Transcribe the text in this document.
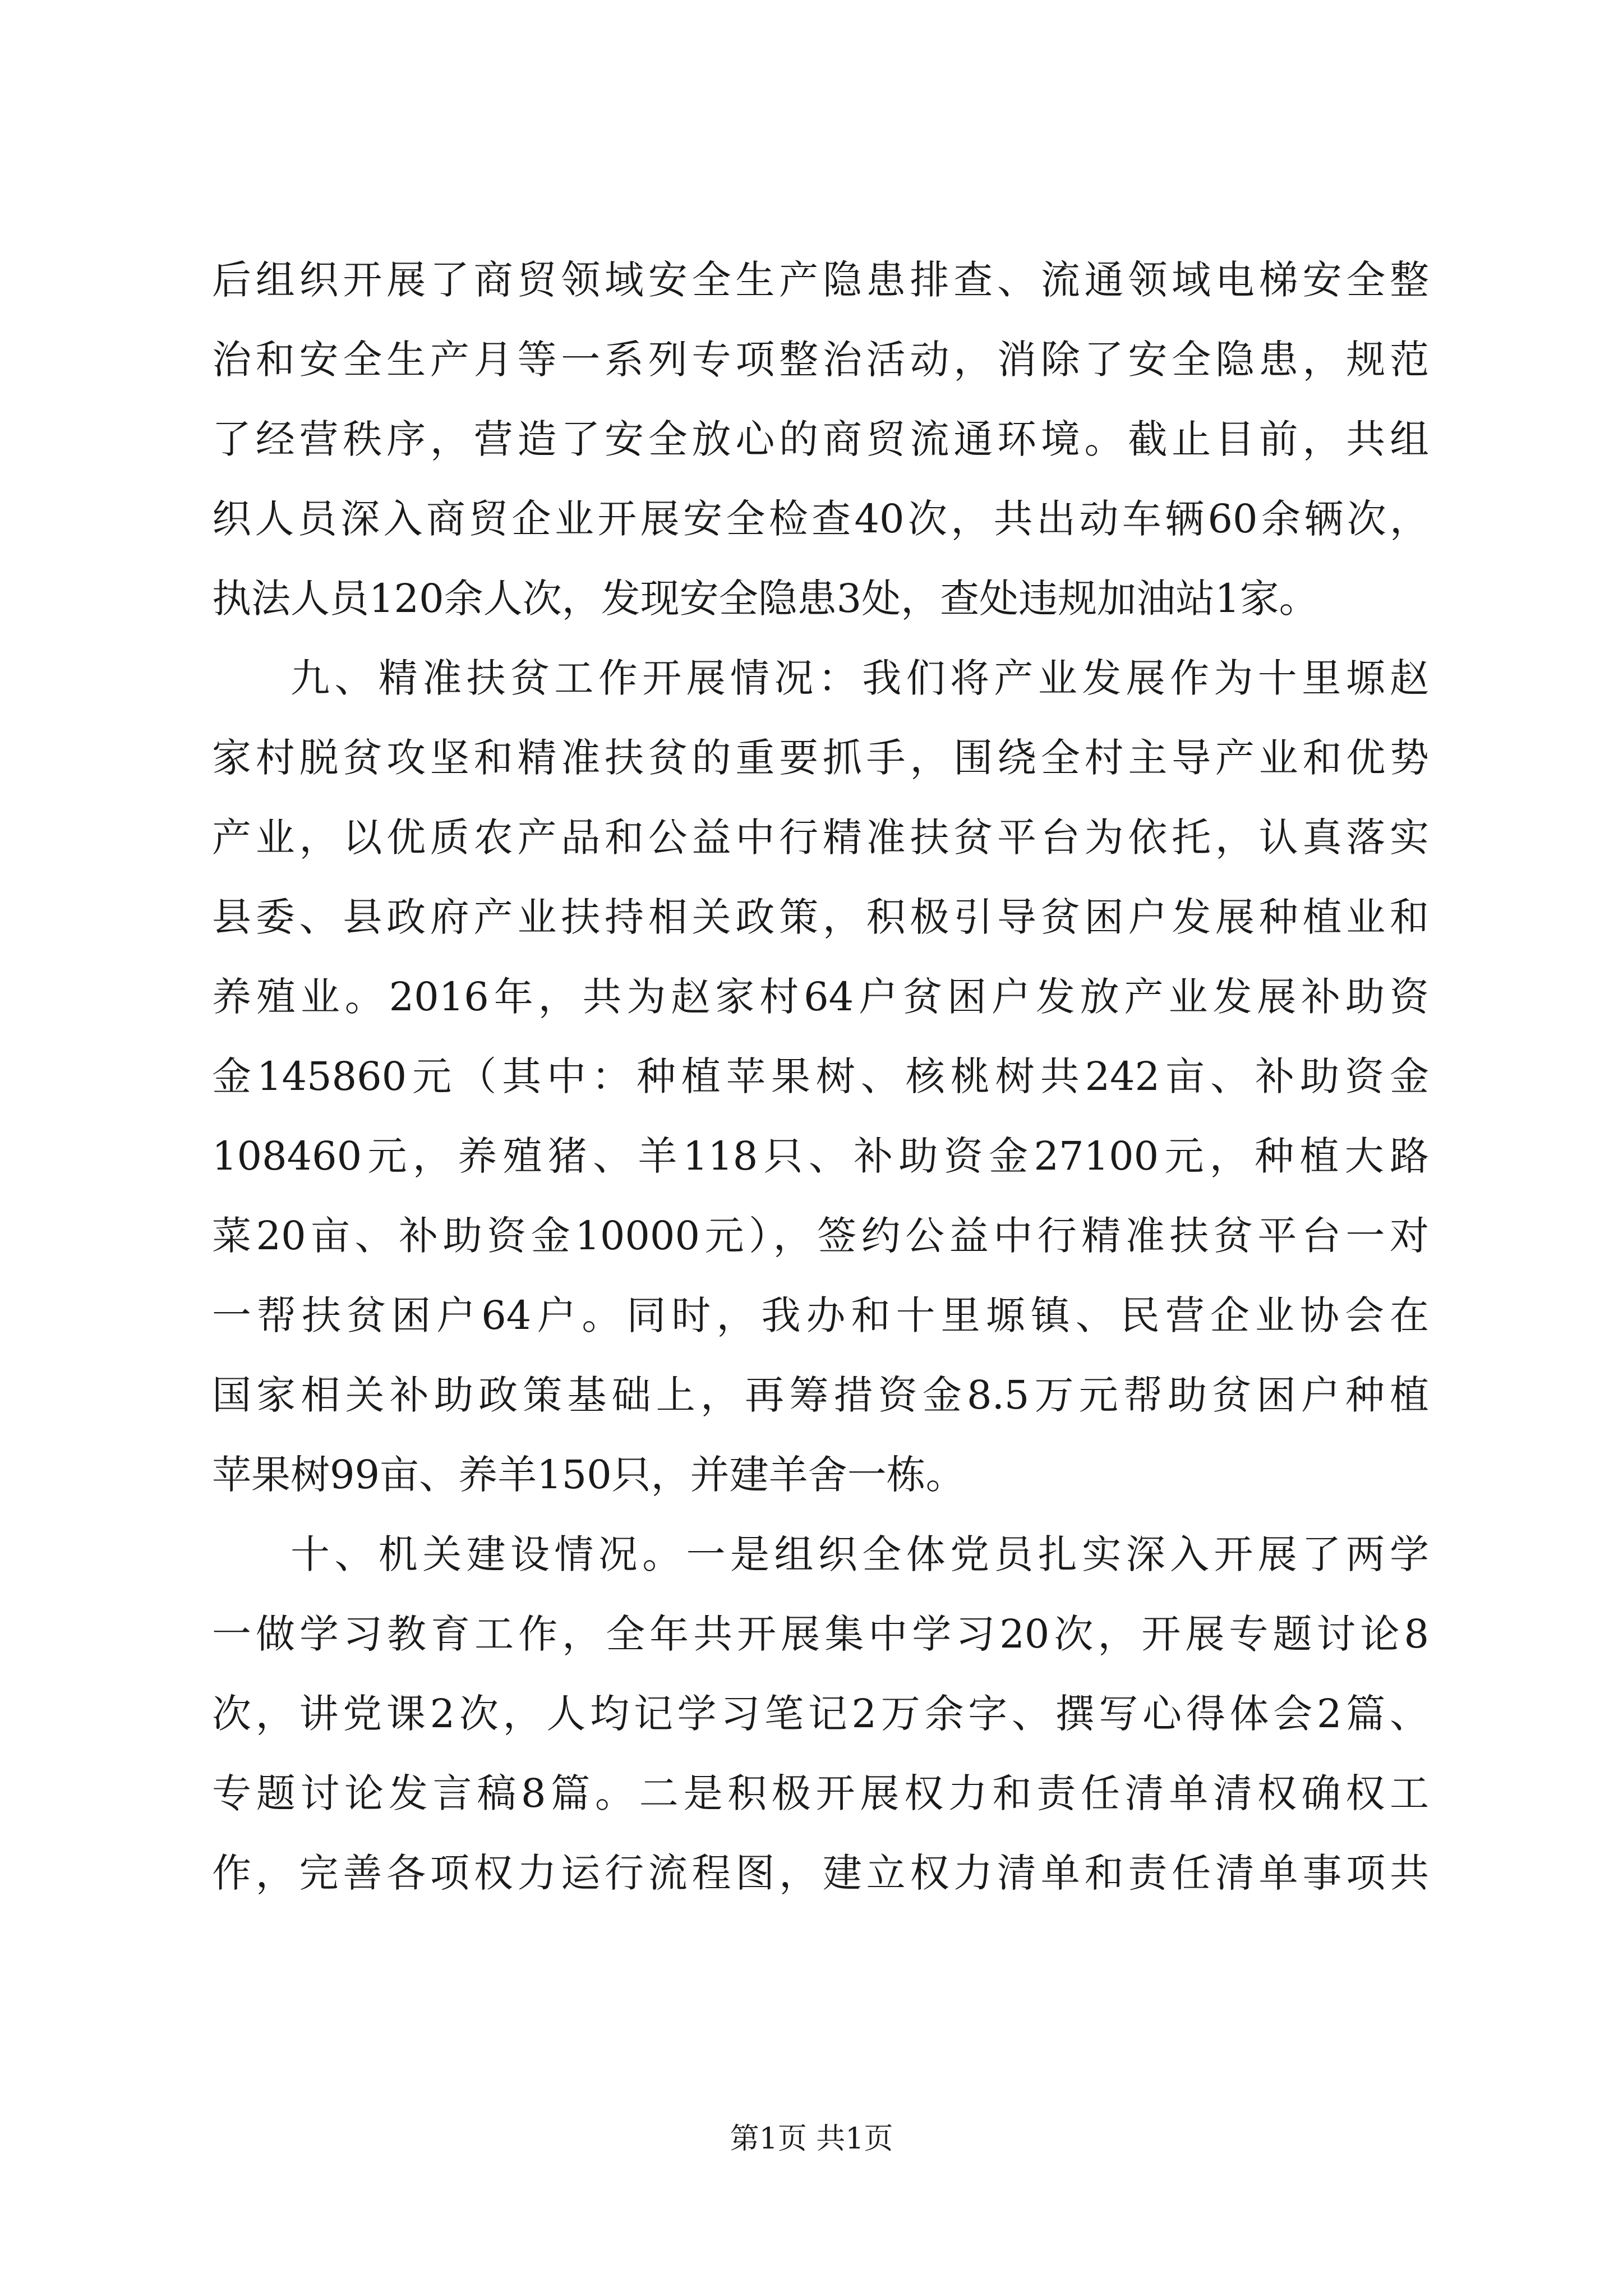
后组织开展了商贸领域安全生产隐患排查、流通领域电梯安全整
治和安全生产月等一系列专项整治活动，消除了安全隐患，规范
了经营秩序，营造了安全放心的商贸流通环境。截止目前，共组
织人员深入商贸企业开展安全检查40次，共出动车辆60余辆次，
执法人员120余人次，发现安全隐患3处，查处违规加油站1家。
九、精准扶贫工作开展情况：我们将产业发展作为十里塬赵
家村脱贫攻坚和精准扶贫的重要抓手，围绕全村主导产业和优势
产业，以优质农产品和公益中行精准扶贫平台为依托，认真落实
县委、县政府产业扶持相关政策，积极引导贫困户发展种植业和
养殖业。2016年，共为赵家村64户贫困户发放产业发展补助资
金145860元（其中：种植苹果树、核桃树共242亩、补助资金
108460元，养殖猪、羊118只、补助资金27100元，种植大路
菜20亩、补助资金10000元），签约公益中行精准扶贫平台一对
一帮扶贫困户64户。同时，我办和十里塬镇、民营企业协会在
国家相关补助政策基础上，再筹措资金8.5万元帮助贫困户种植
苹果树99亩、养羊150只，并建羊舍一栋。
十、机关建设情况。一是组织全体党员扎实深入开展了两学
一做学习教育工作，全年共开展集中学习20次，开展专题讨论8
次，讲党课2次，人均记学习笔记2万余字、撰写心得体会2篇、
专题讨论发言稿8篇。二是积极开展权力和责任清单清权确权工
作，完善各项权力运行流程图，建立权力清单和责任清单事项共
第1页 共1页
